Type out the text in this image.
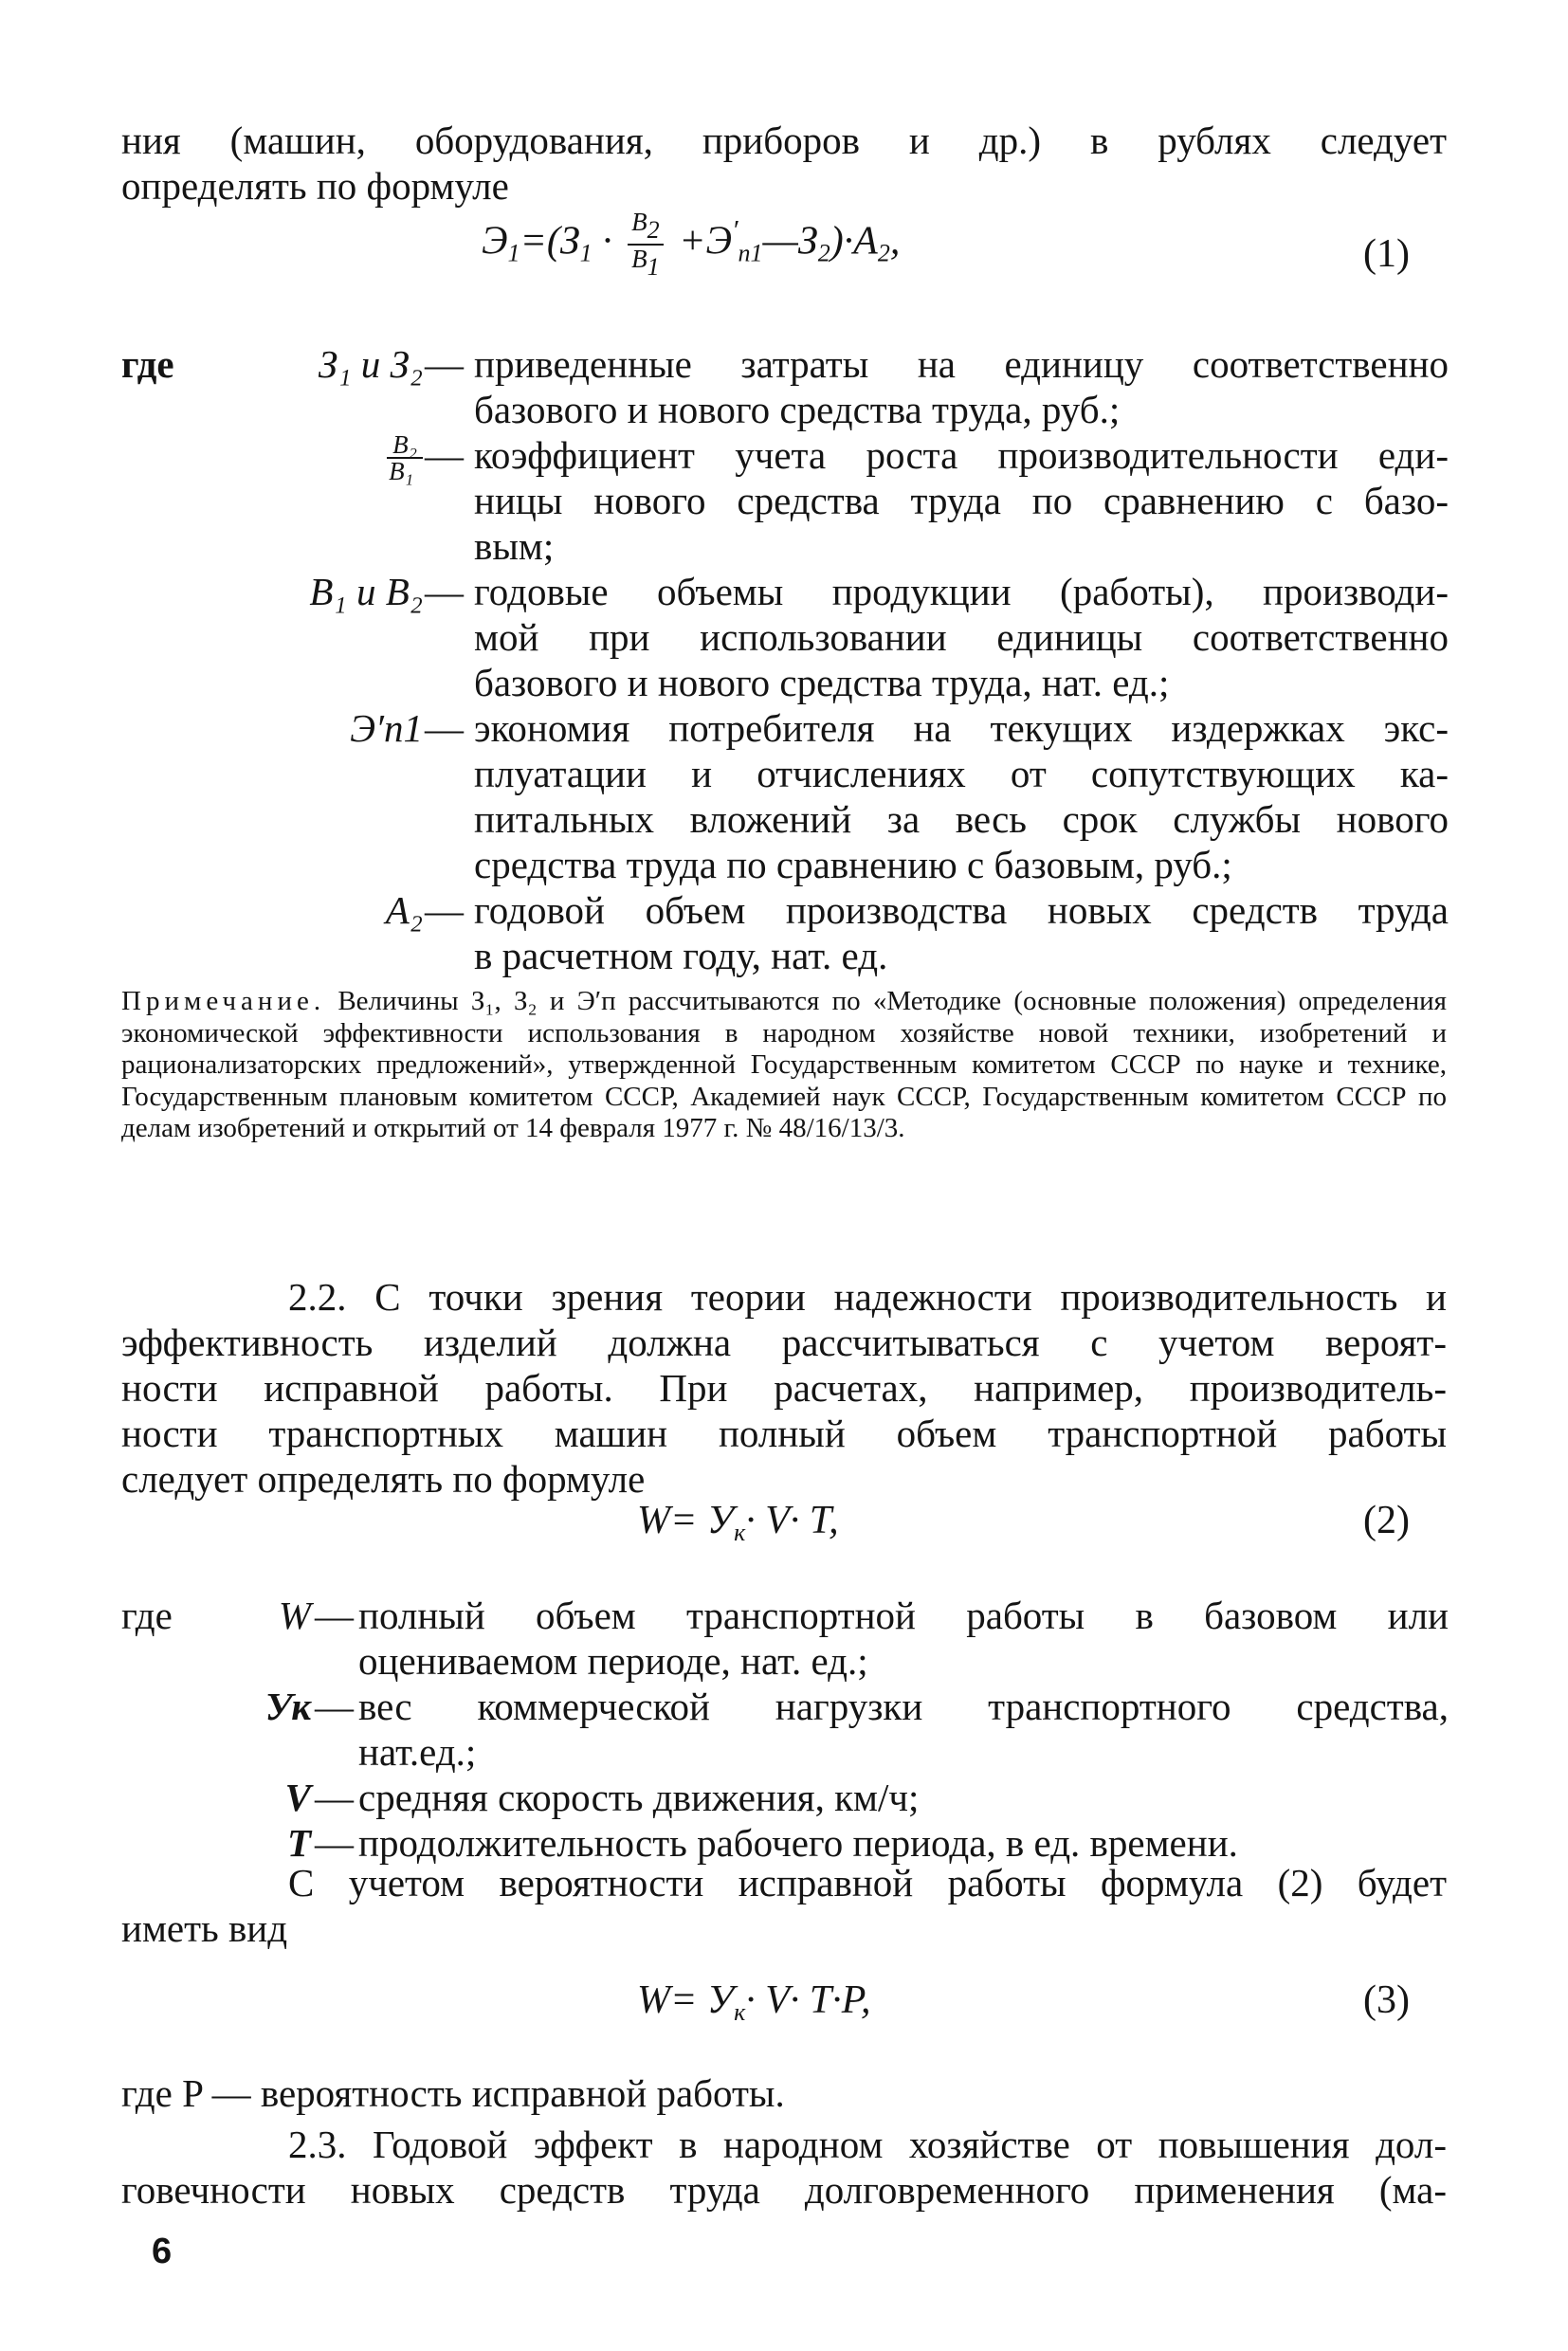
ния (машин, оборудования, приборов и др.) в рублях следует
определять по формуле
$Э_1=(З_1 \cdot \frac{B_2}{B_1}$ $+Э'_{п1}—З_2)\cdot A_2$,	(1)
где	З₁ и З₂ — приведенные затраты на единицу соответственно
базового и нового средства труда, руб.;
$\frac{\text{B₂}}{\text{B₁}}$ — коэффициент учета роста производительности еди-
ницы нового средства труда по сравнению с базо-
вым;
B₁ и B₂ — годовые объемы продукции (работы), производи-
мой при использовании единицы соответственно
базового и нового средства труда, нат. ед.;
Э′п1 — экономия потребителя на текущих издержках экс-
плуатации и отчислениях от сопутствующих ка-
питальных вложений за весь срок службы нового
средства труда по сравнению с базовым, руб.;
A₂ — годовой объем производства новых средств труда
в расчетном году, нат. ед.
Примечание. Величины З₁, З₂ и Э′п рассчитываются по «Методике (основные положения) определения экономической эффективности использования в народном хозяйстве новой техники, изобретений и рационализаторских предложений», утвержденной Государственным комитетом СССР по науке и технике, Государственным плановым комитетом СССР, Академией наук СССР, Государственным комитетом СССР по делам изобретений и открытий от 14 февраля 1977 г. № 48/16/13/3.
2.2. С точки зрения теории надежности производительность и
эффективность изделий должна рассчитываться с учетом вероят-
ности исправной работы. При расчетах, например, производитель-
ности транспортных машин полный объем транспортной работы
следует определять по формуле
$W= У_к\cdot V\cdot T$,	(2)
где	W — полный объем транспортной работы в базовом или
оцениваемом периоде, нат. ед.;
Ук — вес коммерческой нагрузки транспортного средства,
нат.ед.;
V — средняя скорость движения, км/ч;
T — продолжительность рабочего периода, в ед. времени.
С учетом вероятности исправной работы формула (2) будет
иметь вид
$W= У_к\cdot V\cdot T\cdot P$,	(3)
где P — вероятность исправной работы.
2.3. Годовой эффект в народном хозяйстве от повышения дол-
говечности новых средств труда долговременного применения (ма-
6
